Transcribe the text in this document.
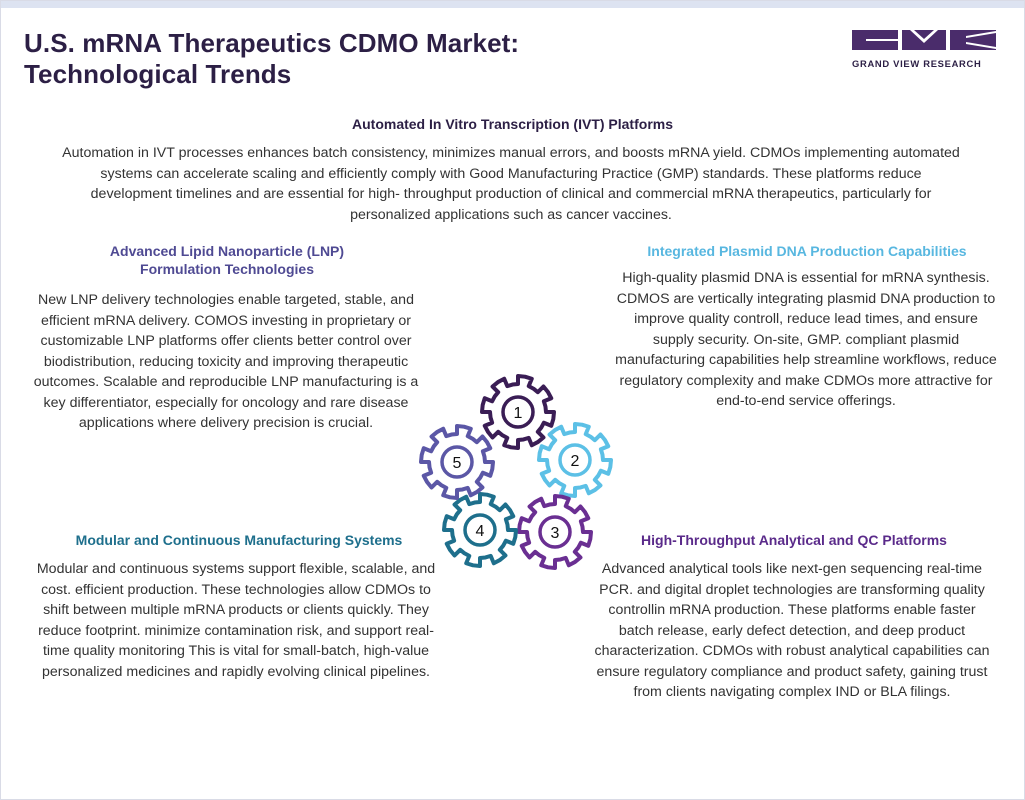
U.S. mRNA Therapeutics CDMO Market:
Technological Trends	GRAND VIEW RESEARCH
Automated In Vitro Transcription (IVT) Platforms
Automation in IVT processes enhances batch consistency, minimizes manual errors, and boosts mRNA yield. CDMOs implementing automated systems can accelerate scaling and efficiently comply with Good Manufacturing Practice (GMP) standards. These platforms reduce development timelines and are essential for high- throughput production of clinical and commercial mRNA therapeutics, particularly for personalized applications such as cancer vaccines.
Advanced Lipid Nanoparticle (LNP)
Formulation Technologies
New LNP delivery technologies enable targeted, stable, and efficient mRNA delivery. COMOS investing in proprietary or customizable LNP platforms offer clients better control over biodistribution, reducing toxicity and improving therapeutic outcomes. Scalable and reproducible LNP manufacturing is a key differentiator, especially for oncology and rare disease applications where delivery precision is crucial.
Integrated Plasmid DNA Production Capabilities
High-quality plasmid DNA is essential for mRNA synthesis. CDMOS are vertically integrating plasmid DNA production to improve quality controll, reduce lead times, and ensure supply security. On-site, GMP. compliant plasmid manufacturing capabilities help streamline workflows, reduce regulatory complexity and make CDMOs more attractive for end-to-end service offerings.
Modular and Continuous Manufacturing Systems
Modular and continuous systems support flexible, scalable, and cost. efficient production. These technologies allow CDMOs to shift between multiple mRNA products or clients quickly. They reduce footprint. minimize contamination risk, and support real-time quality monitoring This is vital for small-batch, high-value personalized medicines and rapidly evolving clinical pipelines.
High-Throughput Analytical and QC Platforms
Advanced analytical tools like next-gen sequencing real-time PCR. and digital droplet technologies are transforming quality controllin mRNA production. These platforms enable faster batch release, early defect detection, and deep product characterization. CDMOs with robust analytical capabilities can ensure regulatory compliance and product safety, gaining trust from clients navigating complex IND or BLA filings.
1
2
3
4
5
